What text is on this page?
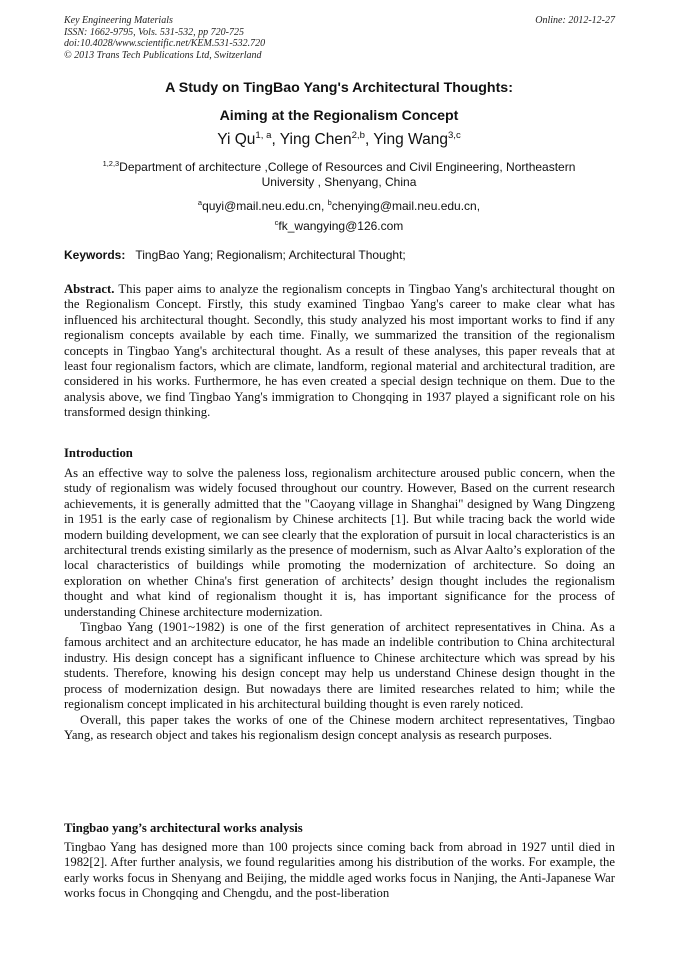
Key Engineering Materials
ISSN: 1662-9795, Vols. 531-532, pp 720-725
doi:10.4028/www.scientific.net/KEM.531-532.720
© 2013 Trans Tech Publications Ltd, Switzerland
Online: 2012-12-27
A Study on TingBao Yang's Architectural Thoughts:
Aiming at the Regionalism Concept
Yi Qu$^{1, a}$, Ying Chen$^{2,b}$, Ying Wang$^{3,c}$
$^{1,2,3}$Department of architecture ,College of Resources and Civil Engineering, Northeastern University , Shenyang, China
$^a$quyi@mail.neu.edu.cn, $^b$chenying@mail.neu.edu.cn,
$^c$fk_wangying@126.com
Keywords: TingBao Yang; Regionalism; Architectural Thought;

Abstract. This paper aims to analyze the regionalism concepts in Tingbao Yang's architectural thought on the Regionalism Concept. Firstly, this study examined Tingbao Yang's career to make clear what has influenced his architectural thought. Secondly, this study analyzed his most important works to find if any regionalism concepts available by each time. Finally, we summarized the transition of the regionalism concepts in Tingbao Yang's architectural thought. As a result of these analyses, this paper reveals that at least four regionalism factors, which are climate, landform, regional material and architectural tradition, are considered in his works. Furthermore, he has even created a special design technique on them. Due to the analysis above, we find Tingbao Yang's immigration to Chongqing in 1937 played a significant role on his transformed design thinking.

Introduction

As an effective way to solve the paleness loss, regionalism architecture aroused public concern, when the study of regionalism was widely focused throughout our country. However, Based on the current research achievements, it is generally admitted that the "Caoyang village in Shanghai" designed by Wang Dingzeng in 1951 is the early case of regionalism by Chinese architects [1]. But while tracing back the world wide modern building development, we can see clearly that the exploration of pursuit in local characteristics is an architectural trends existing similarly as the presence of modernism, such as Alvar Aalto’s exploration of the local characteristics of buildings while promoting the modernization of architecture. So doing an exploration on whether China's first generation of architects’ design thought includes the regionalism thought and what kind of regionalism thought it is, has important significance for the process of understanding Chinese architecture modernization.

Tingbao Yang (1901~1982) is one of the first generation of architect representatives in China. As a famous architect and an architecture educator, he has made an indelible contribution to China architectural industry. His design concept has a significant influence to Chinese architecture which was spread by his students. Therefore, knowing his design concept may help us understand Chinese design thought in the process of modernization design. But nowadays there are limited researches related to him; while the regionalism concept implicated in his architectural building thought is even rarely noticed.

Overall, this paper takes the works of one of the Chinese modern architect representatives, Tingbao Yang, as research object and takes his regionalism design concept analysis as research purposes.

Tingbao yang’s architectural works analysis

Tingbao Yang has designed more than 100 projects since coming back from abroad in 1927 until died in 1982[2]. After further analysis, we found regularities among his distribution of the works. For example, the early works focus in Shenyang and Beijing, the middle aged works focus in Nanjing, the Anti-Japanese War works focus in Chongqing and Chengdu, and the post-liberation
